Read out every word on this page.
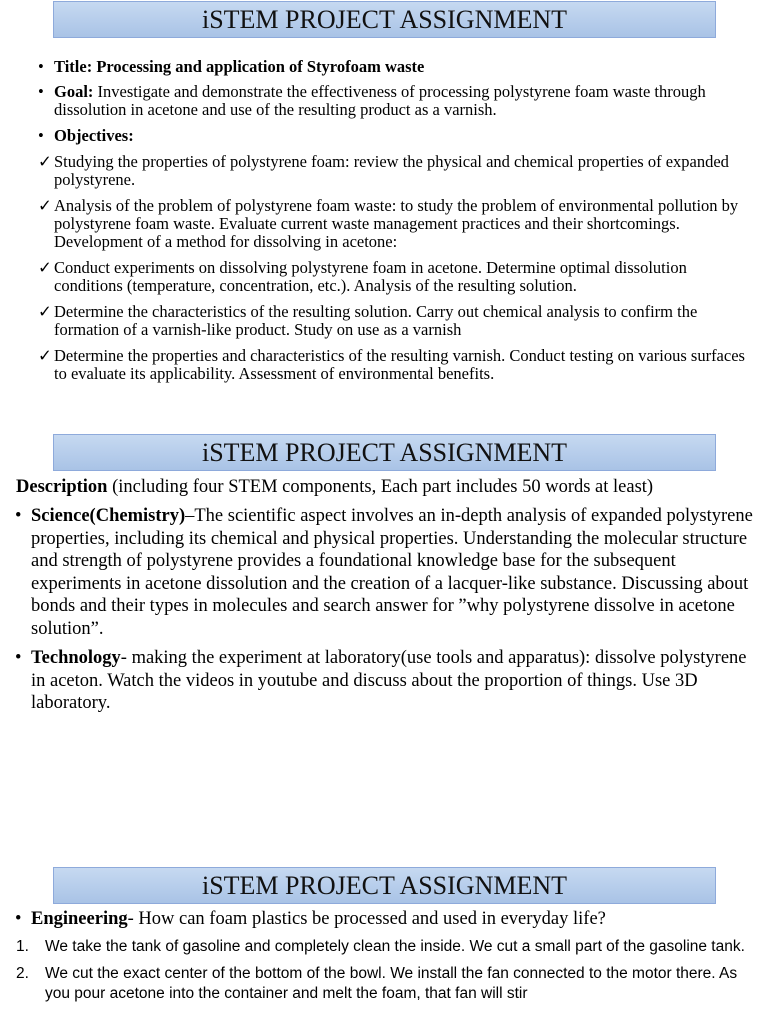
iSTEM PROJECT ASSIGNMENT
• Title: Processing and application of Styrofoam waste
• Goal: Investigate and demonstrate the effectiveness of processing polystyrene foam waste through dissolution in acetone and use of the resulting product as a varnish.
• Objectives:
✓ Studying the properties of polystyrene foam: review the physical and chemical properties of expanded polystyrene.
✓ Analysis of the problem of polystyrene foam waste: to study the problem of environmental pollution by polystyrene foam waste. Evaluate current waste management practices and their shortcomings. Development of a method for dissolving in acetone:
✓ Conduct experiments on dissolving polystyrene foam in acetone. Determine optimal dissolution conditions (temperature, concentration, etc.). Analysis of the resulting solution.
✓ Determine the characteristics of the resulting solution. Carry out chemical analysis to confirm the formation of a varnish-like product. Study on use as a varnish
✓ Determine the properties and characteristics of the resulting varnish. Conduct testing on various surfaces to evaluate its applicability. Assessment of environmental benefits.
iSTEM PROJECT ASSIGNMENT
Description (including four STEM components, Each part includes 50 words at least)
• Science(Chemistry)–The scientific aspect involves an in-depth analysis of expanded polystyrene properties, including its chemical and physical properties. Understanding the molecular structure and strength of polystyrene provides a foundational knowledge base for the subsequent experiments in acetone dissolution and the creation of a lacquer-like substance. Discussing about bonds and their types in molecules and search answer for ”why polystyrene dissolve in acetone solution”.
• Technology- making the experiment at laboratory(use tools and apparatus): dissolve polystyrene in aceton. Watch the videos in youtube and discuss about the proportion of things. Use 3D laboratory.
iSTEM PROJECT ASSIGNMENT
• Engineering- How can foam plastics be processed and used in everyday life?
1. We take the tank of gasoline and completely clean the inside. We cut a small part of the gasoline tank.
2. We cut the exact center of the bottom of the bowl. We install the fan connected to the motor there. As you pour acetone into the container and melt the foam, that fan will stir
